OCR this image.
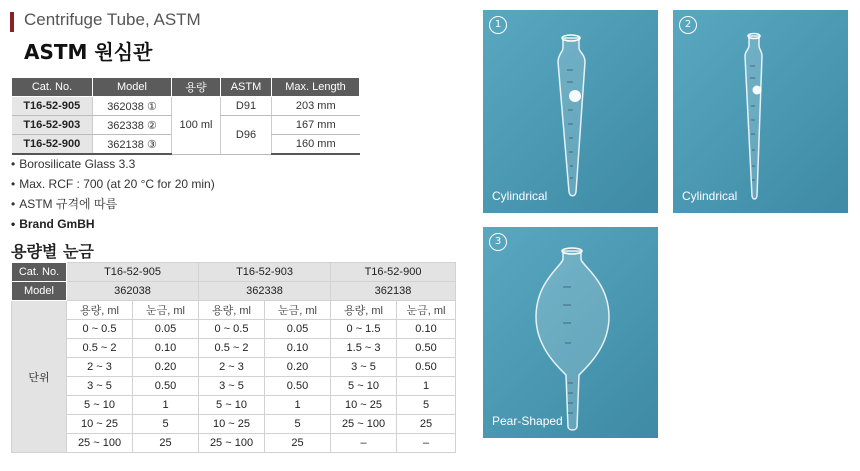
Centrifuge Tube, ASTM
ASTM 원심관
Cat. No.	Model	용량	ASTM	Max. Length
T16-52-905	362038 ①	100 ml	D91	203 mm
T16-52-903	362338 ②		D96	167 mm
T16-52-900	362138 ③			160 mm
• Borosilicate Glass 3.3
• Max. RCF : 700 (at 20 °C for 20 min)
• ASTM 규격에 따름
• Brand GmBH
용량별 눈금
Cat. No.	T16-52-905		T16-52-903		T16-52-900	
Model	362038		362338		362138	
단위	용량, ml	눈금, ml	용량, ml	눈금, ml	용량, ml	눈금, ml
	0 ~ 0.5	0.05	0 ~ 0.5	0.05	0 ~ 1.5	0.10
	0.5 ~ 2	0.10	0.5 ~ 2	0.10	1.5 ~ 3	0.50
	2 ~ 3	0.20	2 ~ 3	0.20	3 ~ 5	0.50
	3 ~ 5	0.50	3 ~ 5	0.50	5 ~ 10	1
	5 ~ 10	1	5 ~ 10	1	10 ~ 25	5
	10 ~ 25	5	10 ~ 25	5	25 ~ 100	25
	25 ~ 100	25	25 ~ 100	25	–	–
1
Cylindrical
2
Cylindrical
3
Pear-Shaped
